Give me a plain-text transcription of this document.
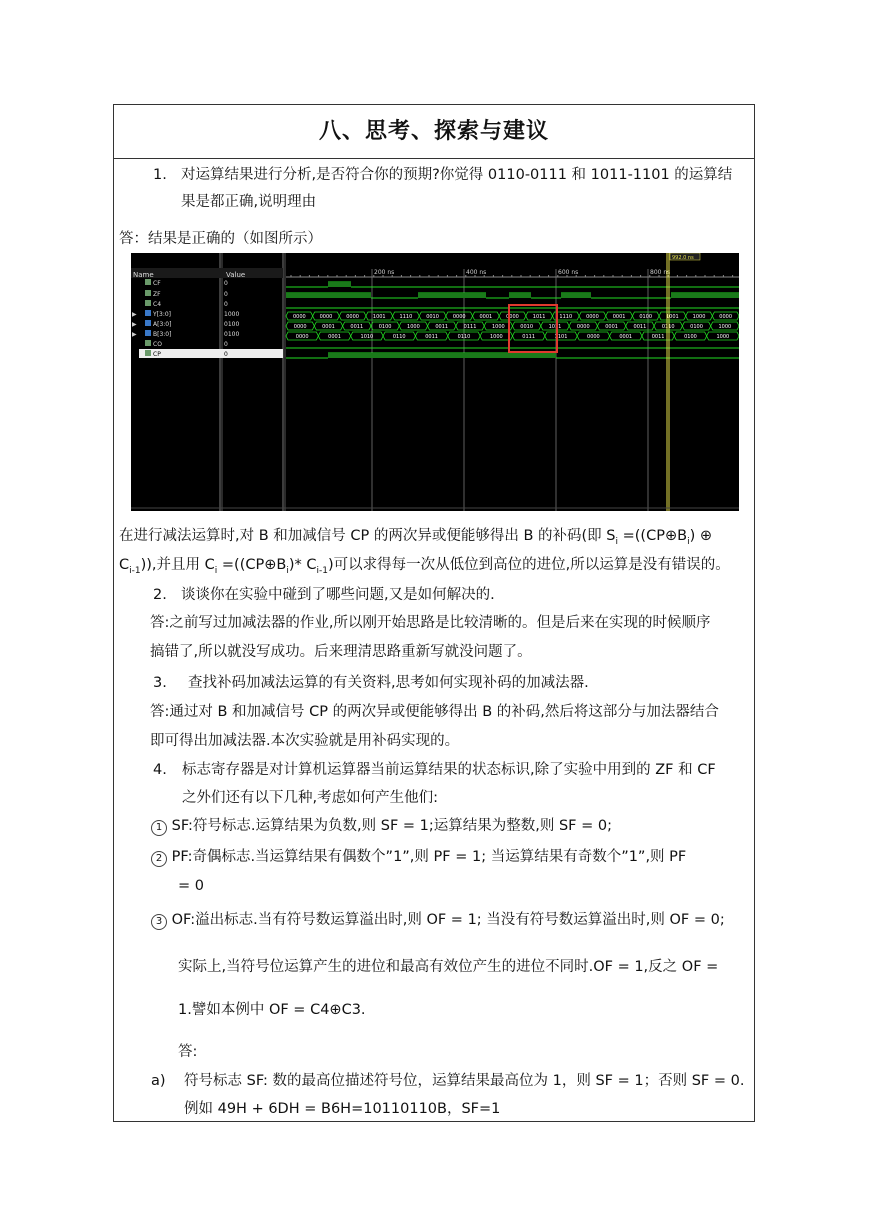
八、思考、探索与建议
1. 对运算结果进行分析,是否符合你的预期?你觉得 0110-0111 和 1011-1101 的运算结
果是都正确,说明理由
答：结果是正确的（如图所示）
Name	Value
CF	0
ZF	0
C4	0
▶	Y[3:0]	1000
▶	A[3:0]	0100
▶	B[3:0]	0100
CO	0
CP	0
200 ns	400 ns	600 ns	800 ns
0000	0000	0000	1001	1110	0010	0000	0001	0000	1011	1110	0000	0001	0100	1001	1000	0000
0000	0001	0011	0100	1000	0011	0111	1000	0010	1011	0000	0001	0011	0110	0100	1000
0000	0001	1010	0110	0011	0110	1000	0111	1101	0000	0001	0011	0100	1000
992.0 ns
在进行减法运算时,对 B 和加减信号 CP 的两次异或便能够得出 B 的补码(即 $S_i$ $=((CP\oplus B_i)$ ⊕
$C_{i-1}$)),并且用 $C_i$ $=((CP\oplus B_i)*$ $C_{i-1}$)可以求得每一次从低位到高位的进位,所以运算是没有错误的。
2. 谈谈你在实验中碰到了哪些问题,又是如何解决的.
答:之前写过加减法器的作业,所以刚开始思路是比较清晰的。但是后来在实现的时候顺序
搞错了,所以就没写成功。后来理清思路重新写就没问题了。
3. 查找补码加减法运算的有关资料,思考如何实现补码的加减法器.
答:通过对 B 和加减信号 CP 的两次异或便能够得出 B 的补码,然后将这部分与加法器结合
即可得出加减法器.本次实验就是用补码实现的。
4. 标志寄存器是对计算机运算器当前运算结果的状态标识,除了实验中用到的 ZF 和 CF
之外们还有以下几种,考虑如何产生他们:
1 SF:符号标志.运算结果为负数,则 SF = 1;运算结果为整数,则 SF = 0;
2 PF:奇偶标志.当运算结果有偶数个”1”,则 PF = 1; 当运算结果有奇数个”1”,则 PF
= 0
3 OF:溢出标志.当有符号数运算溢出时,则 OF = 1; 当没有符号数运算溢出时,则 OF = 0;
实际上,当符号位运算产生的进位和最高有效位产生的进位不同时.OF = 1,反之 OF =
1.譬如本例中 OF = C4⊕C3.
答:
a) 符号标志 SF: 数的最高位描述符号位，运算结果最高位为 1，则 SF = 1；否则 SF = 0.
例如 49H + 6DH = B6H=10110110B，SF=1
